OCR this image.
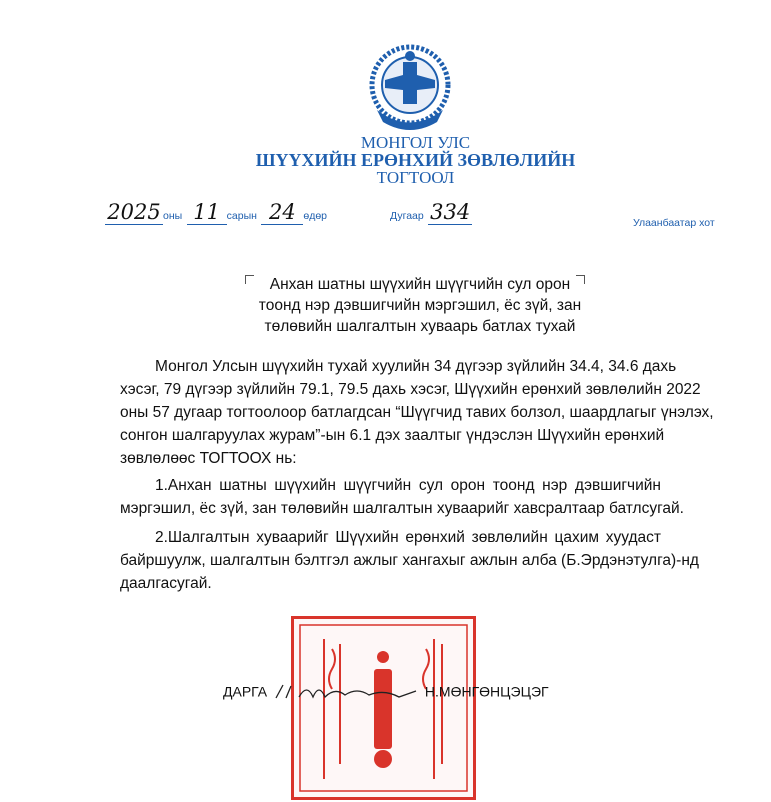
МОНГОЛ УЛС
ШҮҮХИЙН ЕРӨНХИЙ ЗӨВЛӨЛИЙН
ТОГТООЛ
2025 оны 11 сарын 24 өдөр	Дугаар 334	Улаанбаатар хот
Анхан шатны шүүхийн шүүгчийн сул орон
тоонд нэр дэвшигчийн мэргэшил, ёс зүй, зан
төлөвийн шалгалтын хуваарь батлах тухай
Монгол Улсын шүүхийн тухай хуулийн 34 дүгээр зүйлийн 34.4, 34.6 дахь
хэсэг, 79 дүгээр зүйлийн 79.1, 79.5 дахь хэсэг, Шүүхийн ерөнхий зөвлөлийн 2022
оны 57 дугаар тогтоолоор батлагдсан “Шүүгчид тавих болзол, шаардлагыг үнэлэх,
сонгон шалгаруулах журам”-ын 6.1 дэх заалтыг үндэслэн Шүүхийн ерөнхий
зөвлөлөөс ТОГТООХ нь:
1.Анхан шатны шүүхийн шүүгчийн сул орон тоонд нэр дэвшигчийн
мэргэшил, ёс зүй, зан төлөвийн шалгалтын хуваарийг хавсралтаар батлсугай.
2.Шалгалтын хуваарийг Шүүхийн ерөнхий зөвлөлийн цахим хуудаст
байршуулж, шалгалтын бэлтгэл ажлыг хангахыг ажлын алба (Б.Эрдэнэтулга)-нд
даалгасугай.
ДАРГА	Н.МӨНГӨНЦЭЦЭГ
